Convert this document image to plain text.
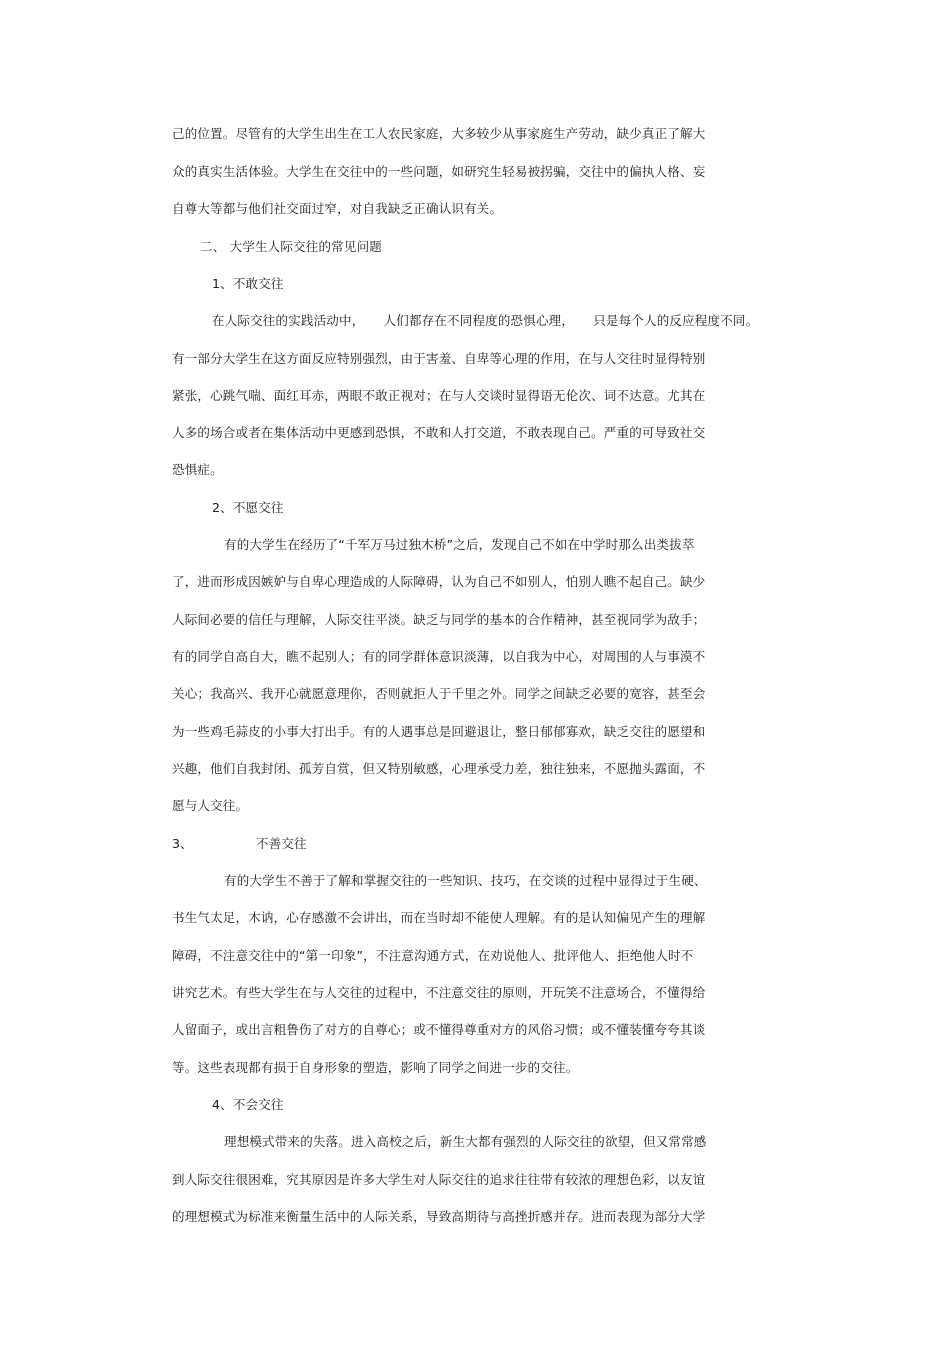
己的位置。尽管有的大学生出生在工人农民家庭，大多较少从事家庭生产劳动，缺少真正了解大
众的真实生活体验。大学生在交往中的一些问题，如研究生轻易被拐骗，交往中的偏执人格、妄
自尊大等都与他们社交面过窄，对自我缺乏正确认识有关。
二、 大学生人际交往的常见问题
1、不敢交往
在人际交往的实践活动中，　　人们都存在不同程度的恐惧心理，　　只是每个人的反应程度不同。
有一部分大学生在这方面反应特别强烈，由于害羞、自卑等心理的作用，在与人交往时显得特别
紧张，心跳气喘、面红耳赤，两眼不敢正视对；在与人交谈时显得语无伦次、词不达意。尤其在
人多的场合或者在集体活动中更感到恐惧，不敢和人打交道，不敢表现自己。严重的可导致社交
恐惧症。
2、不愿交往
有的大学生在经历了“千军万马过独木桥”之后，发现自己不如在中学时那么出类拔萃
了，进而形成因嫉妒与自卑心理造成的人际障碍，认为自己不如别人，怕别人瞧不起自己。缺少
人际间必要的信任与理解，人际交往平淡。缺乏与同学的基本的合作精神，甚至视同学为敌手；
有的同学自高自大，瞧不起别人；有的同学群体意识淡薄，以自我为中心，对周围的人与事漠不
关心；我高兴、我开心就愿意理你，否则就拒人于千里之外。同学之间缺乏必要的宽容，甚至会
为一些鸡毛蒜皮的小事大打出手。有的人遇事总是回避退让，整日郁郁寡欢，缺乏交往的愿望和
兴趣，他们自我封闭、孤芳自赏，但又特别敏感，心理承受力差，独往独来，不愿抛头露面，不
愿与人交往。
3、	不善交往
有的大学生不善于了解和掌握交往的一些知识、技巧，在交谈的过程中显得过于生硬、
书生气太足，木讷，心存感激不会讲出，而在当时却不能使人理解。有的是认知偏见产生的理解
障碍，不注意交往中的“第一印象”，不注意沟通方式，在劝说他人、批评他人、拒绝他人时不
讲究艺术。有些大学生在与人交往的过程中，不注意交往的原则，开玩笑不注意场合，不懂得给
人留面子，或出言粗鲁伤了对方的自尊心；或不懂得尊重对方的风俗习惯；或不懂装懂夸夸其谈
等。这些表现都有损于自身形象的塑造，影响了同学之间进一步的交往。
4、不会交往
理想模式带来的失落。进入高校之后，新生大都有强烈的人际交往的欲望，但又常常感
到人际交往很困难，究其原因是许多大学生对人际交往的追求往往带有较浓的理想色彩，以友谊
的理想模式为标准来衡量生活中的人际关系，导致高期待与高挫折感并存。进而表现为部分大学
